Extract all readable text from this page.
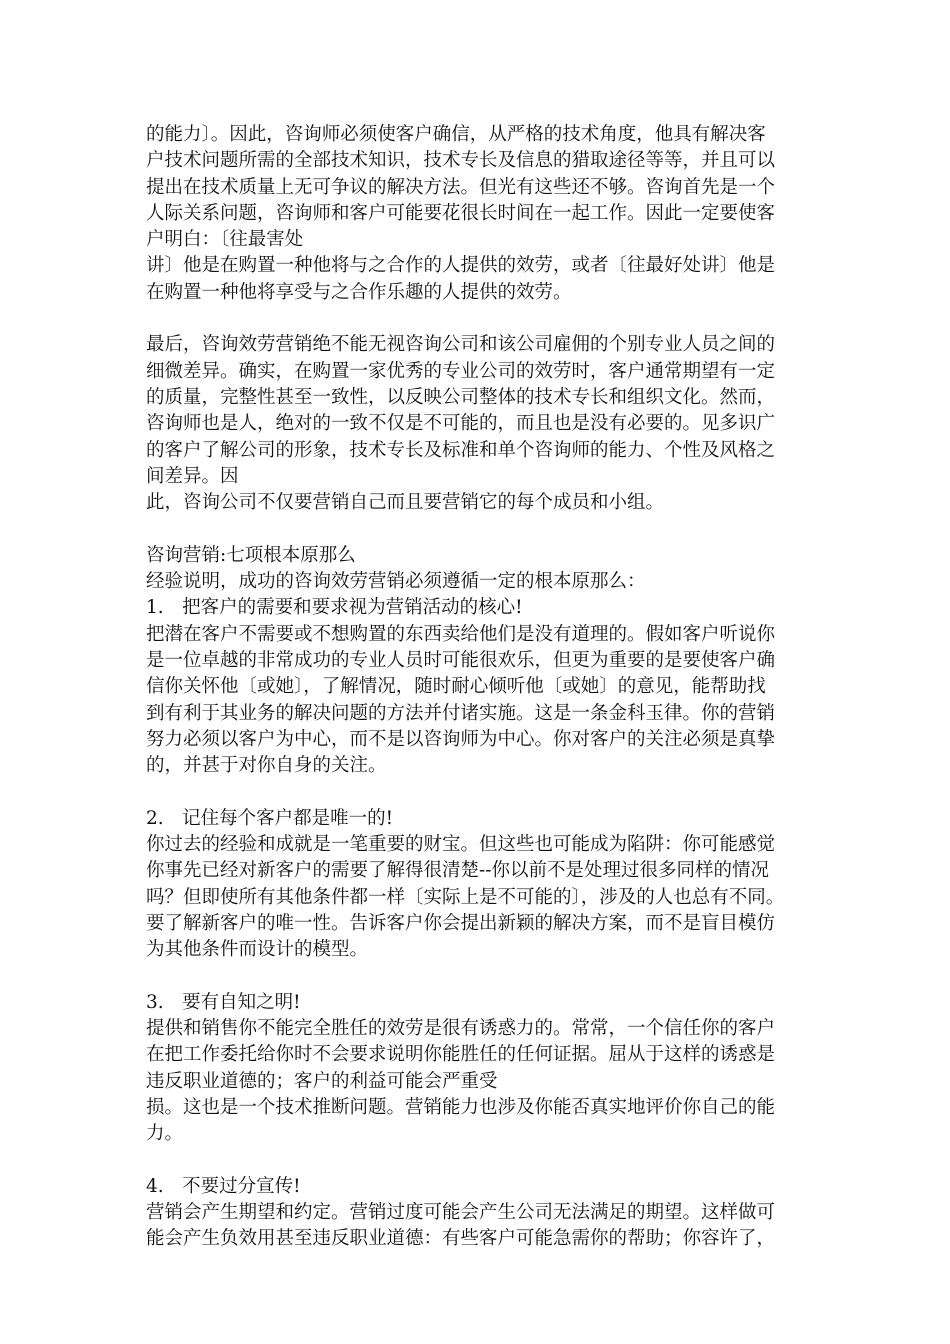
的能力〕。因此，咨询师必须使客户确信，从严格的技术角度，他具有解决客
户技术问题所需的全部技术知识，技术专长及信息的猎取途径等等，并且可以
提出在技术质量上无可争议的解决方法。但光有这些还不够。咨询首先是一个
人际关系问题，咨询师和客户可能要花很长时间在一起工作。因此一定要使客
户明白：〔往最害处
讲〕他是在购置一种他将与之合作的人提供的效劳，或者〔往最好处讲〕他是
在购置一种他将享受与之合作乐趣的人提供的效劳。
最后，咨询效劳营销绝不能无视咨询公司和该公司雇佣的个别专业人员之间的
细微差异。确实，在购置一家优秀的专业公司的效劳时，客户通常期望有一定
的质量，完整性甚至一致性，以反映公司整体的技术专长和组织文化。然而，
咨询师也是人，绝对的一致不仅是不可能的，而且也是没有必要的。见多识广
的客户了解公司的形象，技术专长及标准和单个咨询师的能力、个性及风格之
间差异。因
此，咨询公司不仅要营销自己而且要营销它的每个成员和小组。
咨询营销:七项根本原那么
经验说明，成功的咨询效劳营销必须遵循一定的根本原那么：
1.　把客户的需要和要求视为营销活动的核心!
把潜在客户不需要或不想购置的东西卖给他们是没有道理的。假如客户听说你
是一位卓越的非常成功的专业人员时可能很欢乐，但更为重要的是要使客户确
信你关怀他〔或她〕，了解情况，随时耐心倾听他〔或她〕的意见，能帮助找
到有利于其业务的解决问题的方法并付诸实施。这是一条金科玉律。你的营销
努力必须以客户为中心，而不是以咨询师为中心。你对客户的关注必须是真挚
的，并甚于对你自身的关注。
2.　记住每个客户都是唯一的!
你过去的经验和成就是一笔重要的财宝。但这些也可能成为陷阱：你可能感觉
你事先已经对新客户的需要了解得很清楚--你以前不是处理过很多同样的情况
吗？但即使所有其他条件都一样〔实际上是不可能的〕，涉及的人也总有不同。
要了解新客户的唯一性。告诉客户你会提出新颖的解决方案，而不是盲目模仿
为其他条件而设计的模型。
3.　要有自知之明!
提供和销售你不能完全胜任的效劳是很有诱惑力的。常常，一个信任你的客户
在把工作委托给你时不会要求说明你能胜任的任何证据。屈从于这样的诱惑是
违反职业道德的；客户的利益可能会严重受
损。这也是一个技术推断问题。营销能力也涉及你能否真实地评价你自己的能
力。
4.　不要过分宣传!
营销会产生期望和约定。营销过度可能会产生公司无法满足的期望。这样做可
能会产生负效用甚至违反职业道德：有些客户可能急需你的帮助；你容许了，
